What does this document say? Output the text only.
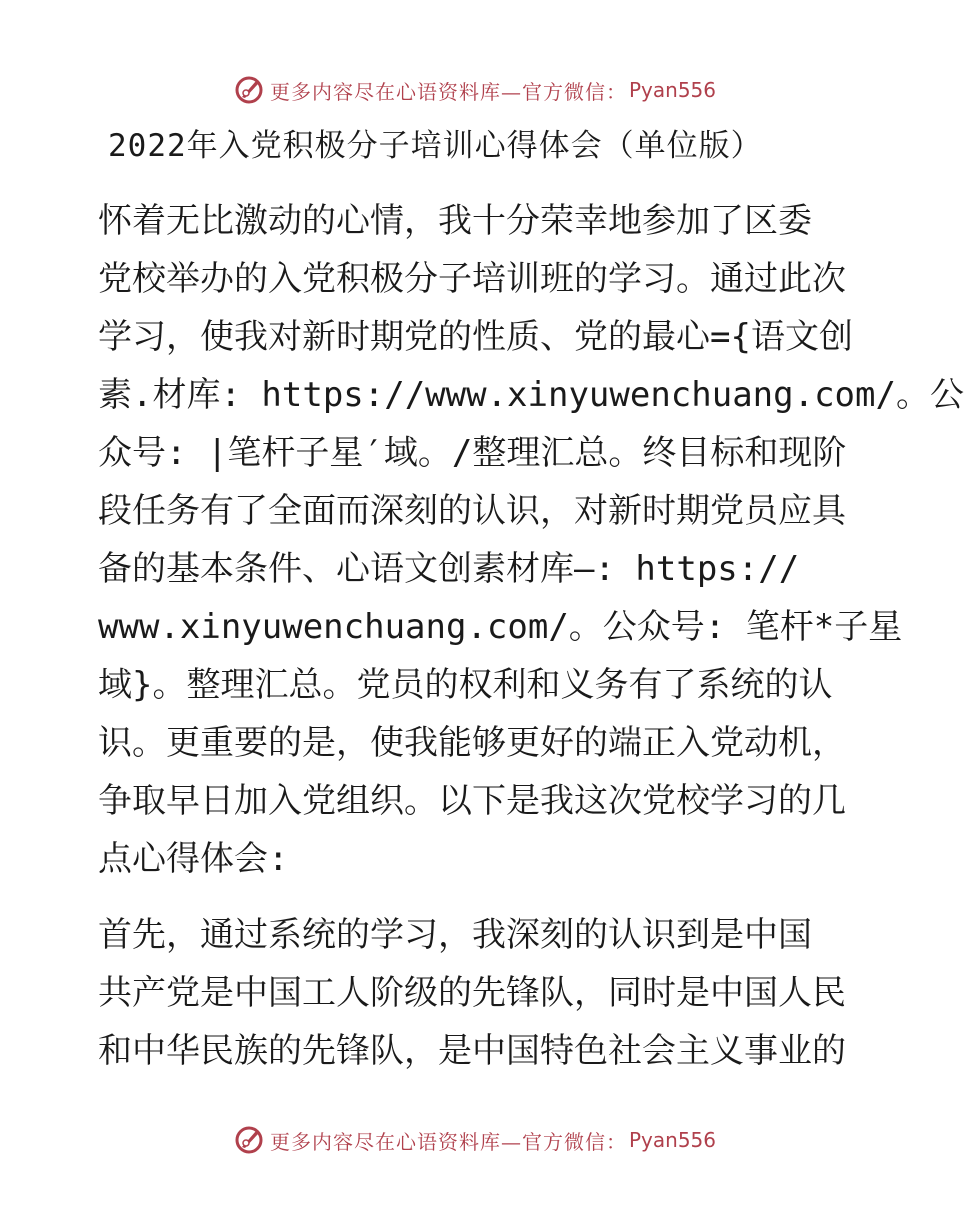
更多内容尽在心语资料库—官方微信： Pyan556
2022年入党积极分子培训心得体会（单位版）
怀着无比激动的心情，我十分荣幸地参加了区委
党校举办的入党积极分子培训班的学习。通过此次
学习，使我对新时期党的性质、党的最心={语文创
素.材库: https://www.xinyuwenchuang.com/。公
众号: |笔杆子星′域。/整理汇总。终目标和现阶
段任务有了全面而深刻的认识，对新时期党员应具
备的基本条件、心语文创素材库—: https://
www.xinyuwenchuang.com/。公众号: 笔杆*子星
域}。整理汇总。党员的权利和义务有了系统的认
识。更重要的是，使我能够更好的端正入党动机，
争取早日加入党组织。以下是我这次党校学习的几
点心得体会:
首先，通过系统的学习，我深刻的认识到是中国
共产党是中国工人阶级的先锋队，同时是中国人民
和中华民族的先锋队，是中国特色社会主义事业的
更多内容尽在心语资料库—官方微信： Pyan556
